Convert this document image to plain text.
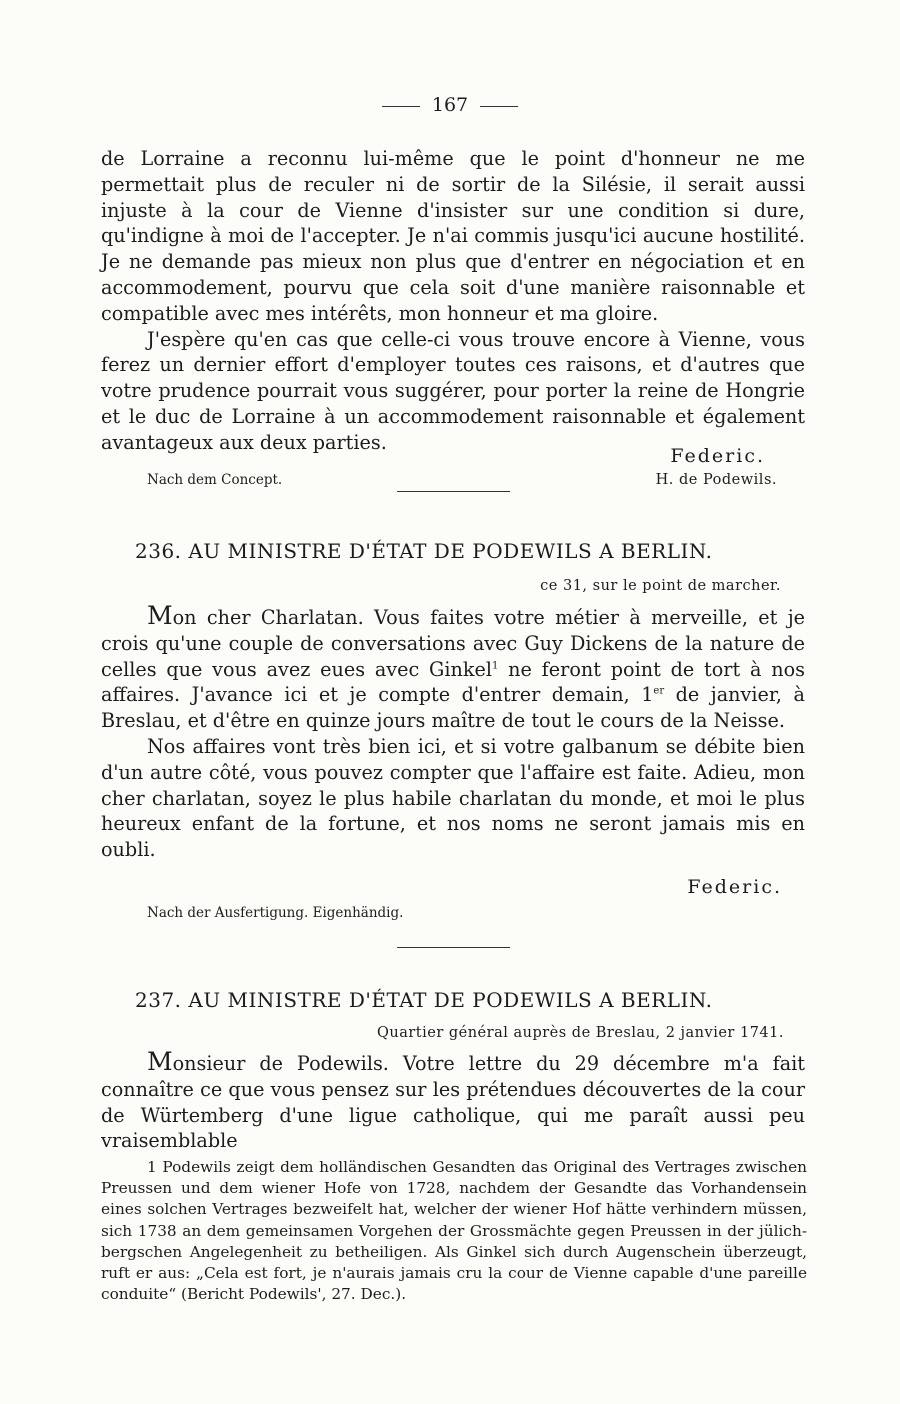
167

de Lorraine a reconnu lui-même que le point d'honneur ne me permettait plus de reculer ni de sortir de la Silésie, il serait aussi injuste à la cour de Vienne d'insister sur une condition si dure, qu'indigne à moi de l'accepter. Je n'ai commis jusqu'ici aucune hostilité. Je ne demande pas mieux non plus que d'entrer en négociation et en accommodement, pourvu que cela soit d'une manière raisonnable et compatible avec mes intérêts, mon honneur et ma gloire.

J'espère qu'en cas que celle-ci vous trouve encore à Vienne, vous ferez un dernier effort d'employer toutes ces raisons, et d'autres que votre prudence pourrait vous suggérer, pour porter la reine de Hongrie et le duc de Lorraine à un accommodement raisonnable et également avantageux aux deux parties.

Federic.
Nach dem Concept.	H. de Podewils.
236. AU MINISTRE D'ÉTAT DE PODEWILS A BERLIN.
ce 31, sur le point de marcher.

Mon cher Charlatan. Vous faites votre métier à merveille, et je crois qu'une couple de conversations avec Guy Dickens de la nature de celles que vous avez eues avec Ginkel$^1$ ne feront point de tort à nos affaires. J'avance ici et je compte d'entrer demain, 1er de janvier, à Breslau, et d'être en quinze jours maître de tout le cours de la Neisse.

Nos affaires vont très bien ici, et si votre galbanum se débite bien d'un autre côté, vous pouvez compter que l'affaire est faite. Adieu, mon cher charlatan, soyez le plus habile charlatan du monde, et moi le plus heureux enfant de la fortune, et nos noms ne seront jamais mis en oubli.

Federic.
Nach der Ausfertigung. Eigenhändig.
237. AU MINISTRE D'ÉTAT DE PODEWILS A BERLIN.
Quartier général auprès de Breslau, 2 janvier 1741.

Monsieur de Podewils. Votre lettre du 29 décembre m'a fait connaître ce que vous pensez sur les prétendues découvertes de la cour de Würtemberg d'une ligue catholique, qui me paraît aussi peu vraisemblable

1 Podewils zeigt dem holländischen Gesandten das Original des Vertrages zwischen Preussen und dem wiener Hofe von 1728, nachdem der Gesandte das Vorhandensein eines solchen Vertrages bezweifelt hat, welcher der wiener Hof hätte verhindern müssen, sich 1738 an dem gemeinsamen Vorgehen der Grossmächte gegen Preussen in der jülich-bergschen Angelegenheit zu betheiligen. Als Ginkel sich durch Augenschein überzeugt, ruft er aus: „Cela est fort, je n'aurais jamais cru la cour de Vienne capable d'une pareille conduite“ (Bericht Podewils', 27. Dec.).
